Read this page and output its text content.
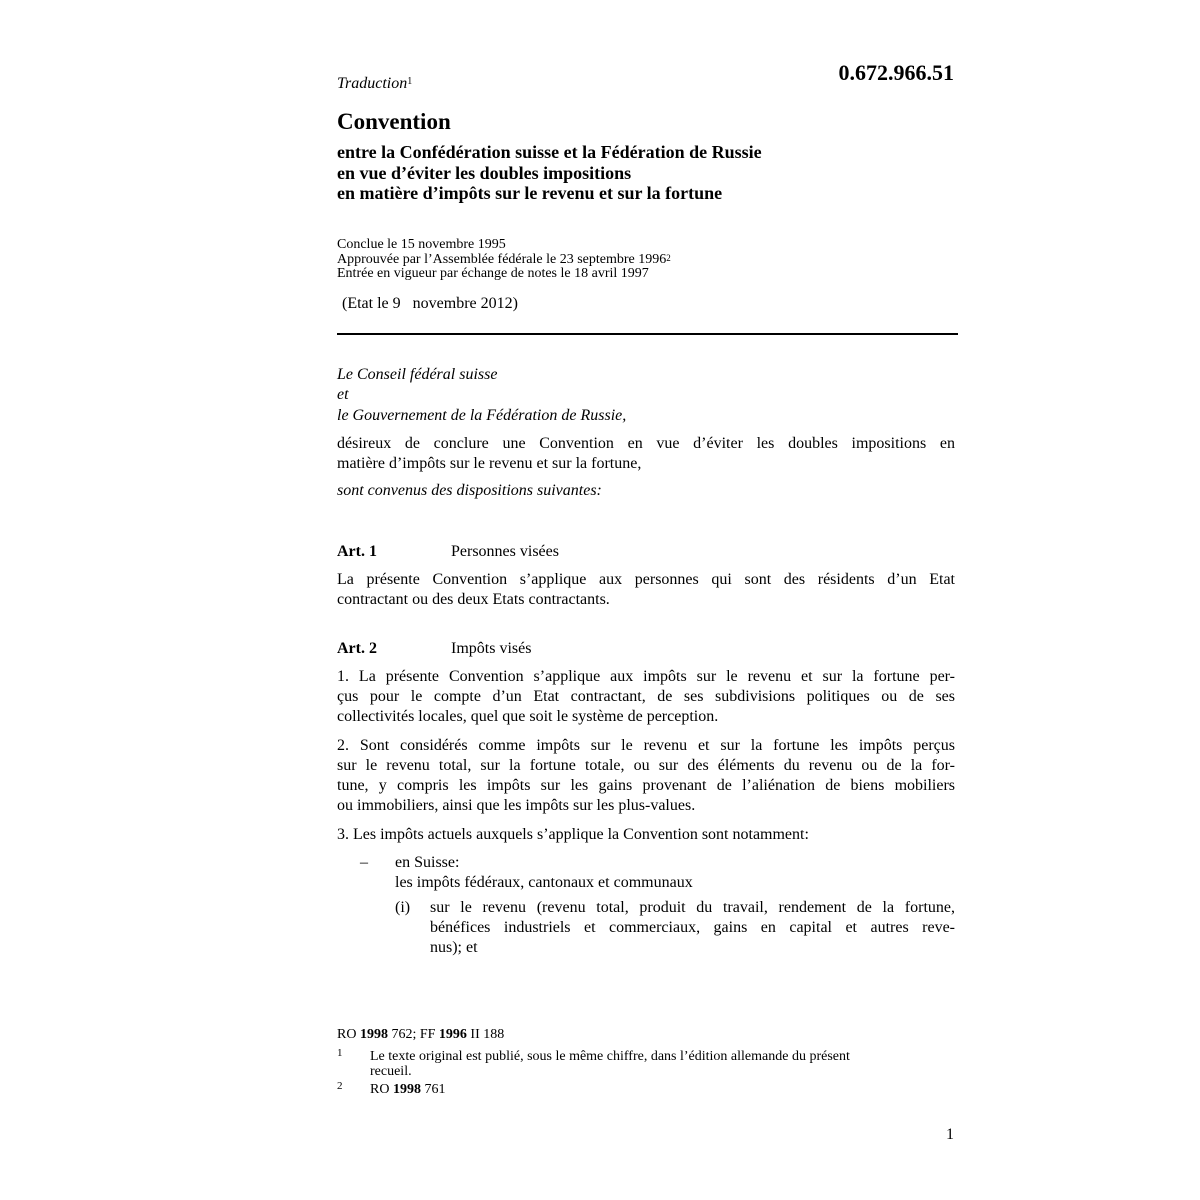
0.672.966.51
Traduction$^1$
Convention
entre la Confédération suisse et la Fédération de Russie
en vue d’éviter les doubles impositions
en matière d’impôts sur le revenu et sur la fortune
Conclue le 15 novembre 1995
Approuvée par l’Assemblée fédérale le 23 septembre 1996$^2$
Entrée en vigueur par échange de notes le 18 avril 1997
(Etat le 9   novembre 2012)
Le Conseil fédéral suisse
et
le Gouvernement de la Fédération de Russie,
désireux de conclure une Convention en vue d’éviter les doubles impositions en
matière d’impôts sur le revenu et sur la fortune,
sont convenus des dispositions suivantes:
Art. 1	Personnes visées
La présente Convention s’applique aux personnes qui sont des résidents d’un Etat
contractant ou des deux Etats contractants.
Art. 2	Impôts visés
1. La présente Convention s’applique aux impôts sur le revenu et sur la fortune per-
çus pour le compte d’un Etat contractant, de ses subdivisions politiques ou de ses
collectivités locales, quel que soit le système de perception.
2. Sont considérés comme impôts sur le revenu et sur la fortune les impôts perçus
sur le revenu total, sur la fortune totale, ou sur des éléments du revenu ou de la for-
tune, y compris les impôts sur les gains provenant de l’aliénation de biens mobiliers
ou immobiliers, ainsi que les impôts sur les plus-values.
3. Les impôts actuels auxquels s’applique la Convention sont notamment:
– en Suisse:
les impôts fédéraux, cantonaux et communaux
(i) sur le revenu (revenu total, produit du travail, rendement de la fortune,
bénéfices industriels et commerciaux, gains en capital et autres reve-
nus); et
RO 1998 762; FF 1996 II 188
1 Le texte original est publié, sous le même chiffre, dans l’édition allemande du présent
recueil.
2 RO 1998 761
1
